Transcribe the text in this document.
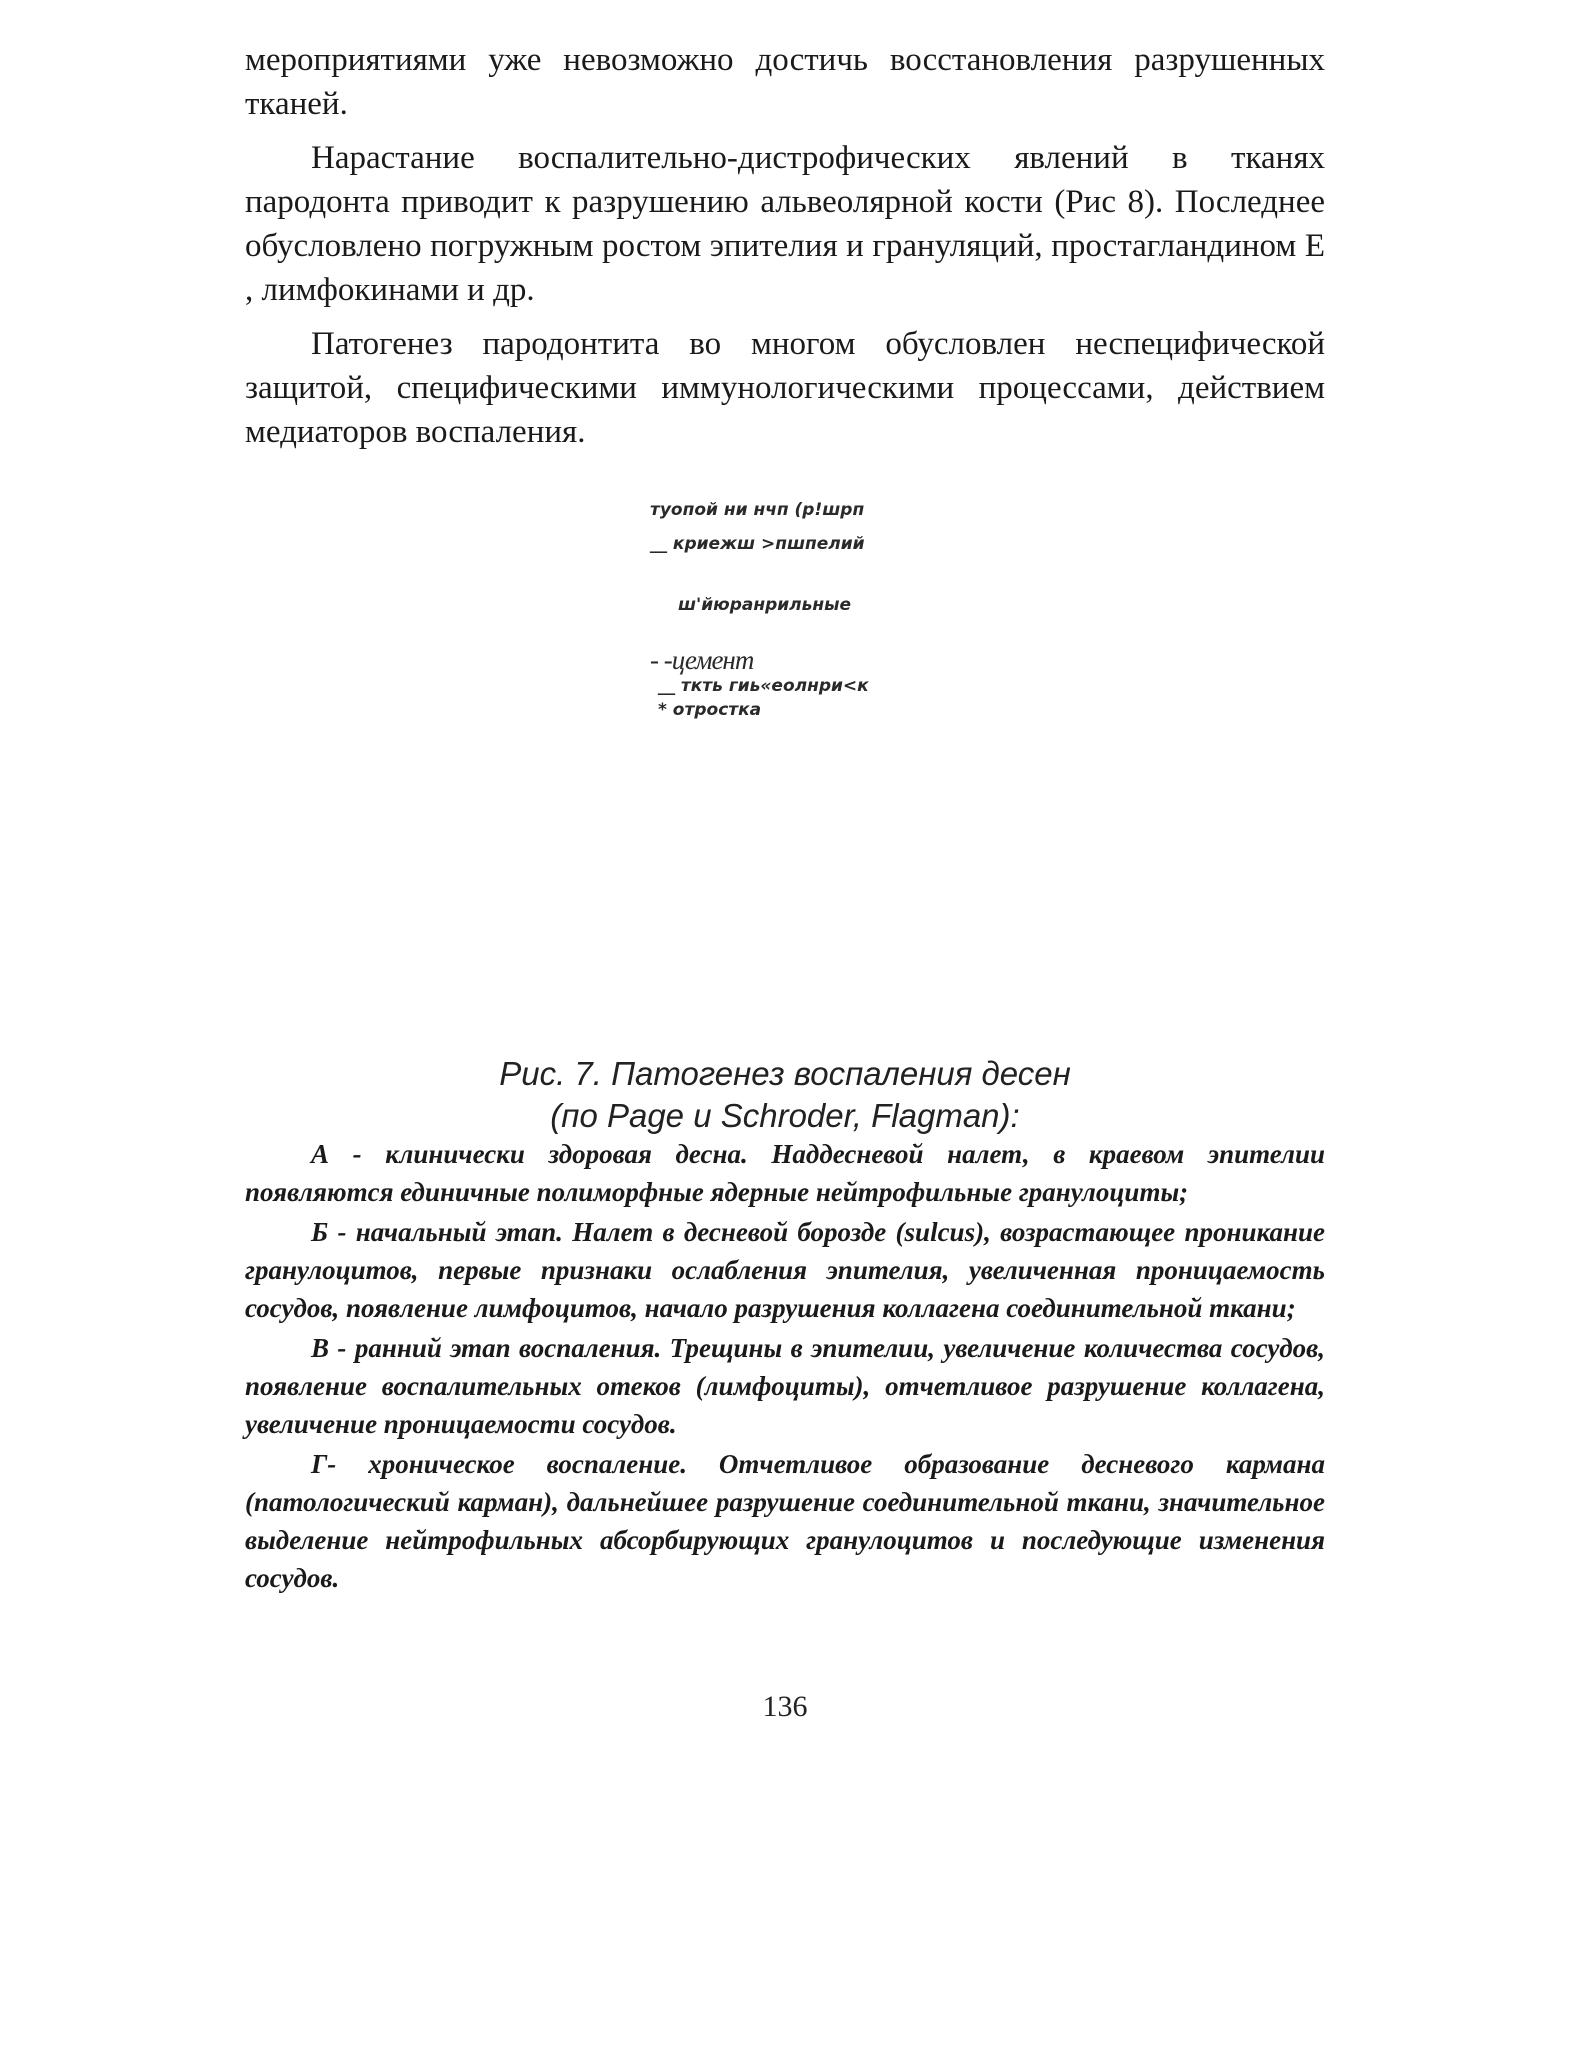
мероприятиями уже невозможно достичь восстановления разрушенных тканей.

Нарастание воспалительно-дистрофических явлений в тканях пародонта приводит к разрушению альвеолярной кости (Рис 8). Последнее обусловлено погружным ростом эпителия и грануляций, простагландином Е , лимфокинами и др.

Патогенез пародонтита во многом обусловлен неспецифической защитой, специфическими иммунологическими процессами, действием медиаторов воспаления.

туопой ни нчп (р!шрп
__ криежш >пшпелий
ш'йюранрильные
- -цемент
__ ткть гиь«еолнри<к
* отростка
Рис. 7. Патогенез воспаления десен
(по Page и Schroder, Flagman):

А - клинически здоровая десна. Наддесневой налет, в краевом эпителии появляются единичные полиморфные ядерные нейтрофильные гранулоциты;

Б - начальный этап. Налет в десневой борозде (sulcus), возрастающее проникание гранулоцитов, первые признаки ослабления эпителия, увеличенная проницаемость сосудов, появление лимфоцитов, начало разрушения коллагена соединительной ткани;

В - ранний этап воспаления. Трещины в эпителии, увеличение количества сосудов, появление воспалительных отеков (лимфоциты), отчетливое разрушение коллагена, увеличение проницаемости сосудов.

Г- хроническое воспаление. Отчетливое образование десневого кармана (патологический карман), дальнейшее разрушение соединительной ткани, значительное выделение нейтрофильных абсорбирующих гранулоцитов и последующие изменения сосудов.

136
